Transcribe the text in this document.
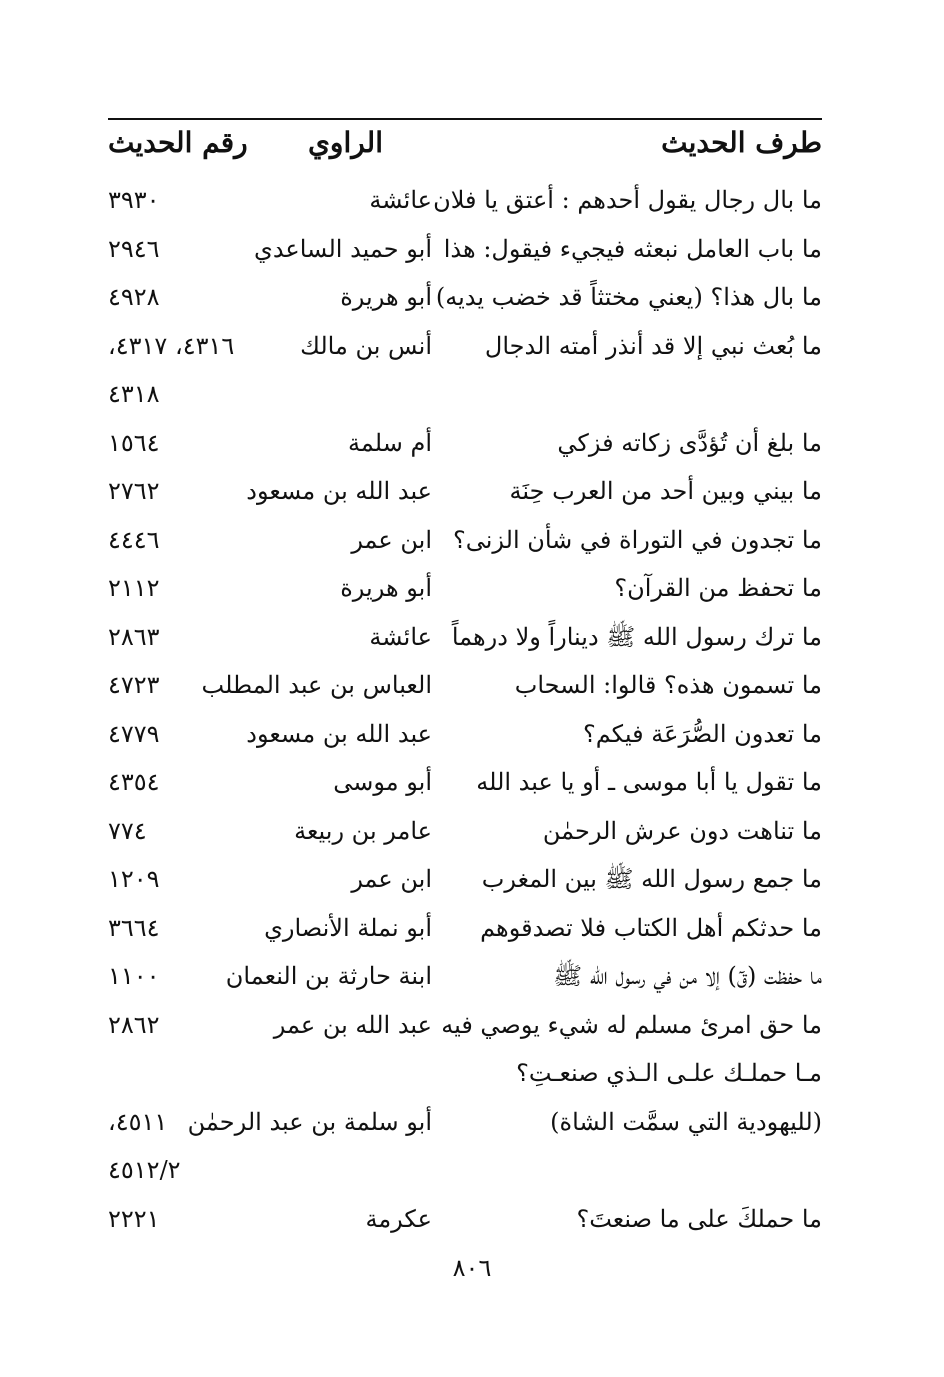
طرف الحديث
الراوي
رقم الحديث
ما بال رجال يقول أحدهم : أعتق يا فلان
عائشة
٣٩٣٠
ما باب العامل نبعثه فيجيء فيقول: هذا
أبو حميد الساعدي
٢٩٤٦
ما بال هذا؟ (يعني مختثاً قد خضب يديه)
أبو هريرة
٤٩٢٨
ما بُعث نبي إلا قد أنذر أمته الدجال
أنس بن مالك
٤٣١٦، ٤٣١٧،
٤٣١٨
ما بلغ أن تُؤدَّى زكاته فزكي
أم سلمة
١٥٦٤
ما بيني وبين أحد من العرب حِنَة
عبد الله بن مسعود
٢٧٦٢
ما تجدون في التوراة في شأن الزنى؟
ابن عمر
٤٤٤٦
ما تحفظ من القرآن؟
أبو هريرة
٢١١٢
ما ترك رسول الله ﷺ ديناراً ولا درهماً
عائشة
٢٨٦٣
ما تسمون هذه؟ قالوا: السحاب
العباس بن عبد المطلب
٤٧٢٣
ما تعدون الصُّرَعَة فيكم؟
عبد الله بن مسعود
٤٧٧٩
ما تقول يا أبا موسى ـ أو يا عبد الله
أبو موسى
٤٣٥٤
ما تناهت دون عرش الرحمٰن
عامر بن ربيعة
٧٧٤
ما جمع رسول الله ﷺ بين المغرب
ابن عمر
١٢٠٩
ما حدثكم أهل الكتاب فلا تصدقوهم
أبو نملة الأنصاري
٣٦٦٤
ما حفظت (قٓ) إلا من في رسول الله ﷺ
ابنة حارثة بن النعمان
١١٠٠
ما حق امرئ مسلم له شيء يوصي فيه
عبد الله بن عمر
٢٨٦٢
مـا حملـك علـى الـذي صنعـتِ؟
(لليهودية التي سمَّت الشاة)
أبو سلمة بن عبد الرحمٰن
٤٥١١،
٤٥١٢/٢
ما حملكَ على ما صنعتَ؟
عكرمة
٢٢٢١
٨٠٦
